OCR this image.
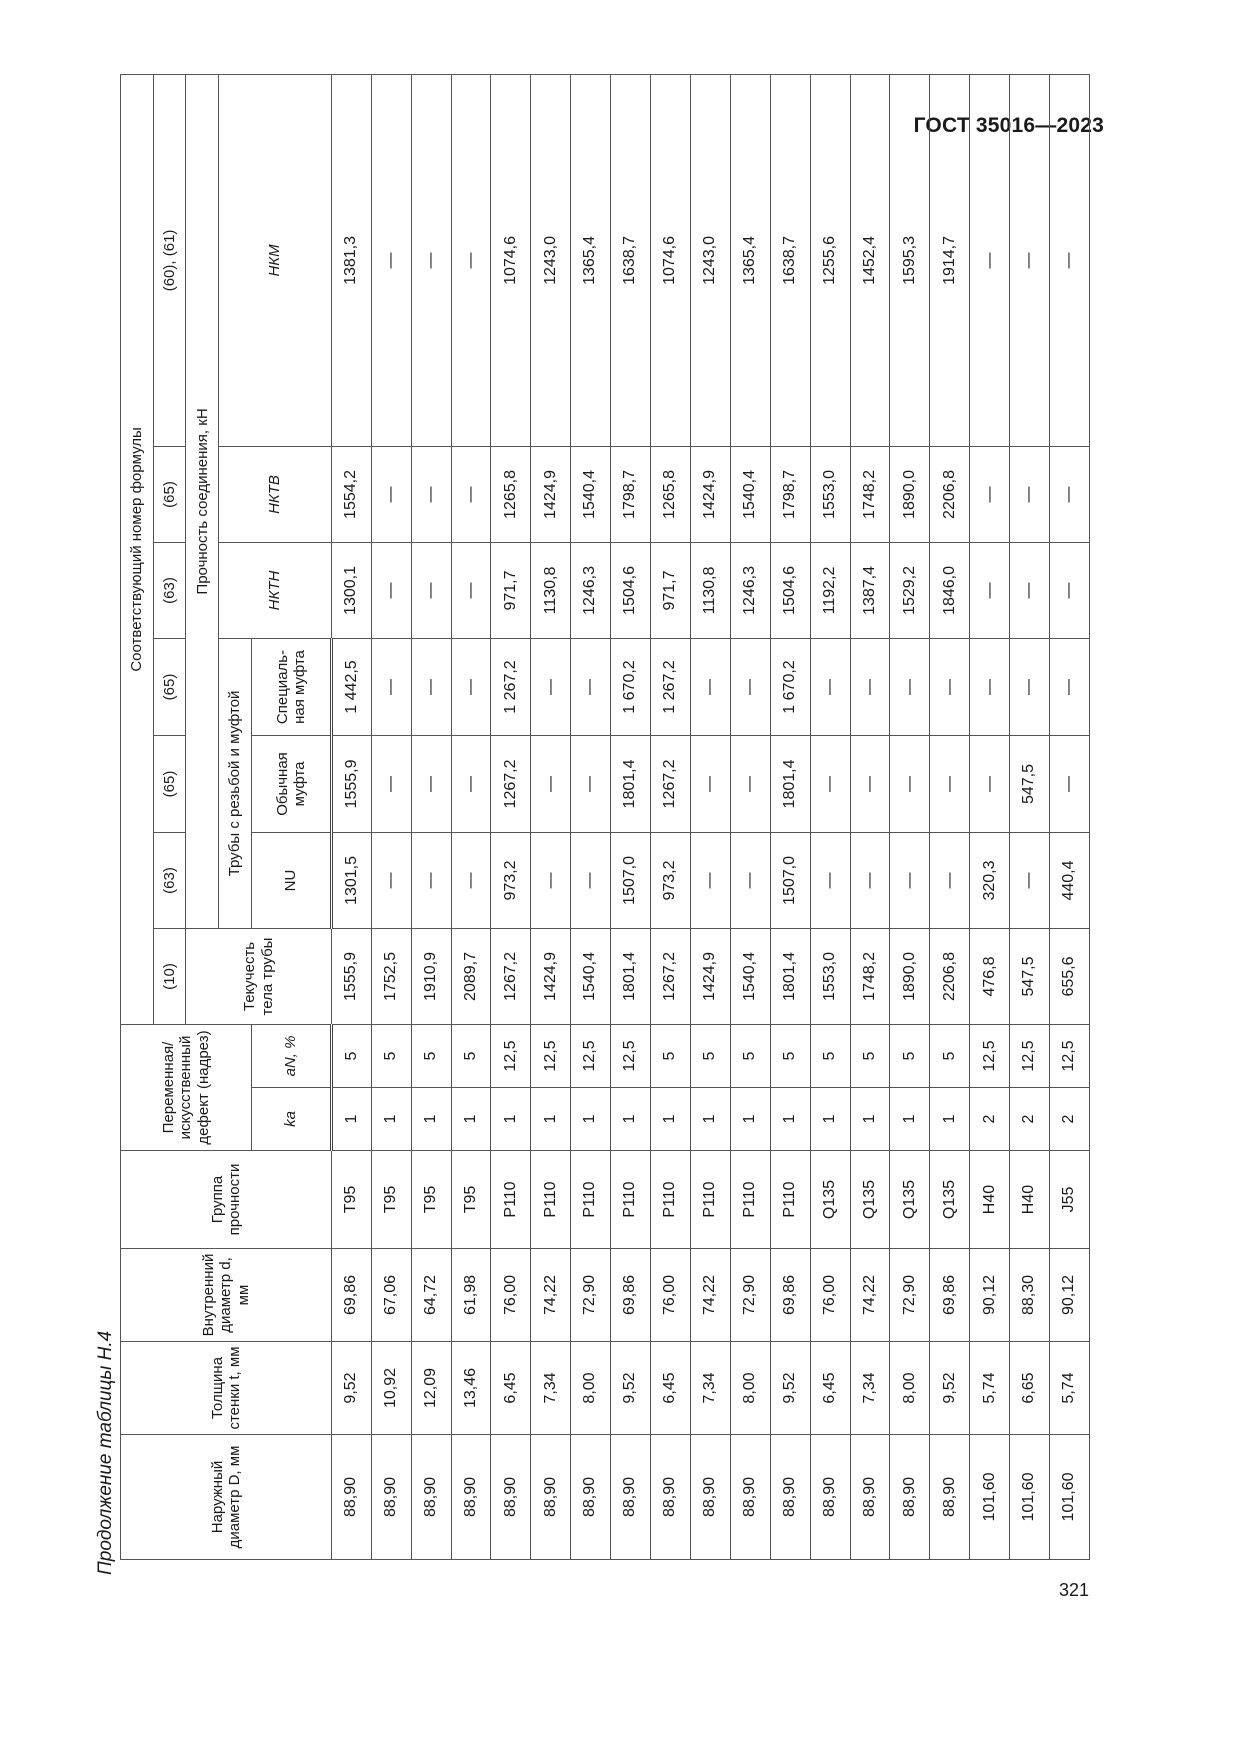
ГОСТ 35016—2023
Продолжение таблицы Н.4
321
Наружный диаметр D, мм	Толщина стенки t, мм	Внутренний диаметр d, мм	Группа прочности	Переменная/ искусственный дефект (надрез)		Соответствующий номер формулы						
						(10)	(63)	(65)	(65)	(63)	(65)	(60), (61)
						Текучесть тела трубы	Прочность соединения, кН					
							Трубы с резьбой и муфтой			НКТН	НКТВ	НКМ
				ka	aN, %		NU	Обычная муфта	Специаль- ная муфта			
88,90	9,52	69,86	T95	1	5	1555,9	1301,5	1555,9	1 442,5	1300,1	1554,2	1381,3
88,90	10,92	67,06	T95	1	5	1752,5	—	—	—	—	—	—
88,90	12,09	64,72	T95	1	5	1910,9	—	—	—	—	—	—
88,90	13,46	61,98	T95	1	5	2089,7	—	—	—	—	—	—
88,90	6,45	76,00	P110	1	12,5	1267,2	973,2	1267,2	1 267,2	971,7	1265,8	1074,6
88,90	7,34	74,22	P110	1	12,5	1424,9	—	—	—	1130,8	1424,9	1243,0
88,90	8,00	72,90	P110	1	12,5	1540,4	—	—	—	1246,3	1540,4	1365,4
88,90	9,52	69,86	P110	1	12,5	1801,4	1507,0	1801,4	1 670,2	1504,6	1798,7	1638,7
88,90	6,45	76,00	P110	1	5	1267,2	973,2	1267,2	1 267,2	971,7	1265,8	1074,6
88,90	7,34	74,22	P110	1	5	1424,9	—	—	—	1130,8	1424,9	1243,0
88,90	8,00	72,90	P110	1	5	1540,4	—	—	—	1246,3	1540,4	1365,4
88,90	9,52	69,86	P110	1	5	1801,4	1507,0	1801,4	1 670,2	1504,6	1798,7	1638,7
88,90	6,45	76,00	Q135	1	5	1553,0	—	—	—	1192,2	1553,0	1255,6
88,90	7,34	74,22	Q135	1	5	1748,2	—	—	—	1387,4	1748,2	1452,4
88,90	8,00	72,90	Q135	1	5	1890,0	—	—	—	1529,2	1890,0	1595,3
88,90	9,52	69,86	Q135	1	5	2206,8	—	—	—	1846,0	2206,8	1914,7
101,60	5,74	90,12	H40	2	12,5	476,8	320,3	—	—	—	—	—
101,60	6,65	88,30	H40	2	12,5	547,5	—	547,5	—	—	—	—
101,60	5,74	90,12	J55	2	12,5	655,6	440,4	—	—	—	—	—
